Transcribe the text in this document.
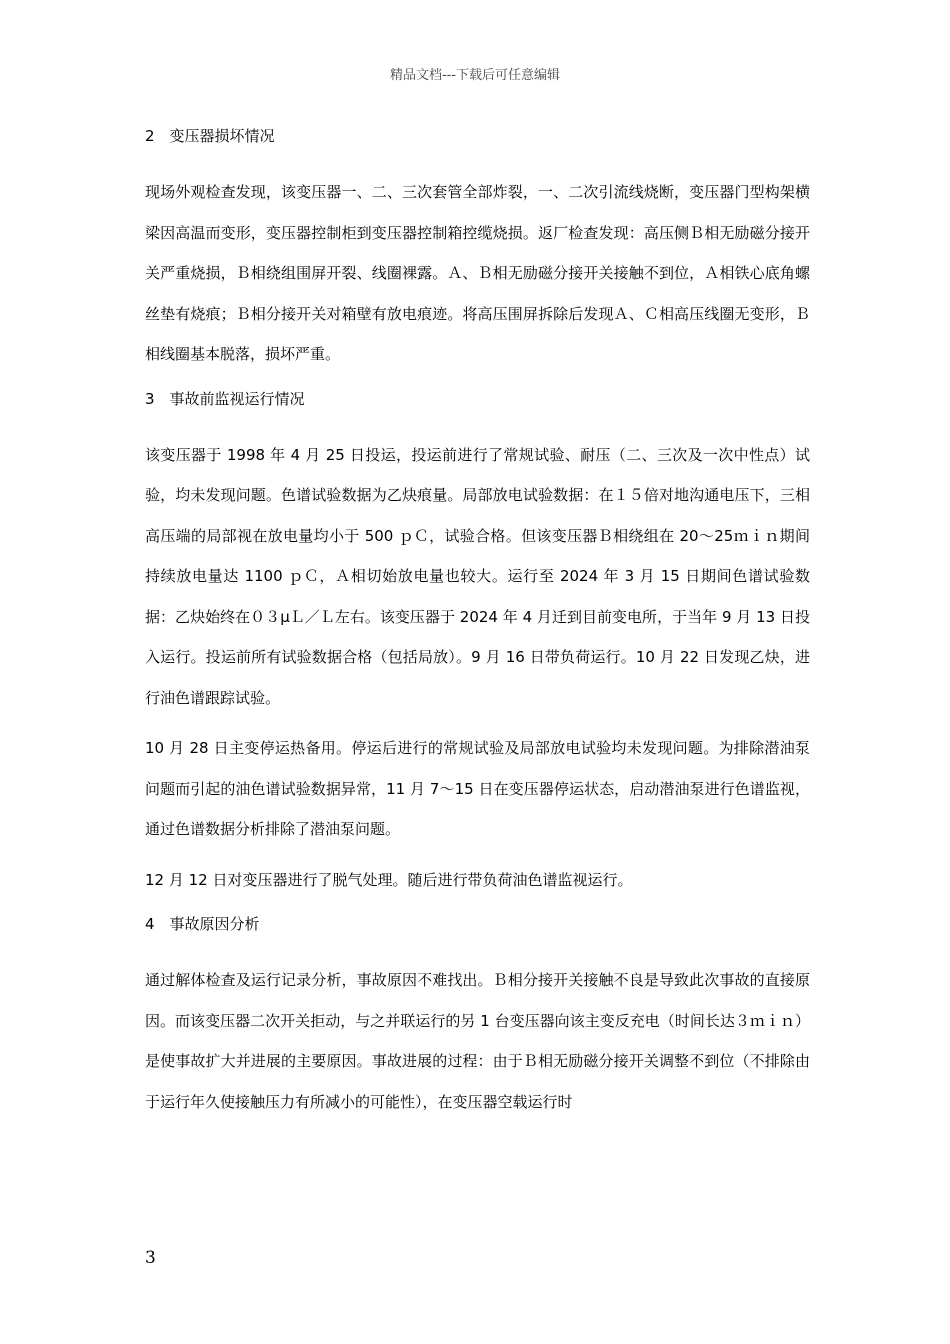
精品文档---下载后可任意编辑
2　变压器损坏情况

现场外观检查发现，该变压器一、二、三次套管全部炸裂，一、二次引流线烧断，变压器门型构架横梁因高温而变形，变压器控制柜到变压器控制箱控缆烧损。返厂检查发现：高压侧Ｂ相无励磁分接开关严重烧损，Ｂ相绕组围屏开裂、线圈裸露。Ａ、Ｂ相无励磁分接开关接触不到位，Ａ相铁心底角螺丝垫有烧痕；Ｂ相分接开关对箱壁有放电痕迹。将高压围屏拆除后发现Ａ、Ｃ相高压线圈无变形，Ｂ相线圈基本脱落，损坏严重。

3　事故前监视运行情况

该变压器于 1998 年 4 月 25 日投运，投运前进行了常规试验、耐压（二、三次及一次中性点）试验，均未发现问题。色谱试验数据为乙炔痕量。局部放电试验数据：在１５倍对地沟通电压下，三相高压端的局部视在放电量均小于 500 ｐＣ，试验合格。但该变压器Ｂ相绕组在 20～25ｍｉｎ期间持续放电量达 1100 ｐＣ，Ａ相切始放电量也较大。运行至 2024 年 3 月 15 日期间色谱试验数据：乙炔始终在０３μＬ／Ｌ左右。该变压器于 2024 年 4 月迁到目前变电所，于当年 9 月 13 日投入运行。投运前所有试验数据合格（包括局放）。9 月 16 日带负荷运行。10 月 22 日发现乙炔，进行油色谱跟踪试验。

10 月 28 日主变停运热备用。停运后进行的常规试验及局部放电试验均未发现问题。为排除潜油泵问题而引起的油色谱试验数据异常，11 月 7～15 日在变压器停运状态，启动潜油泵进行色谱监视，通过色谱数据分析排除了潜油泵问题。

12 月 12 日对变压器进行了脱气处理。随后进行带负荷油色谱监视运行。

4　事故原因分析

通过解体检查及运行记录分析，事故原因不难找出。Ｂ相分接开关接触不良是导致此次事故的直接原因。而该变压器二次开关拒动，与之并联运行的另 1 台变压器向该主变反充电（时间长达３ｍｉｎ）是使事故扩大并进展的主要原因。事故进展的过程：由于Ｂ相无励磁分接开关调整不到位（不排除由于运行年久使接触压力有所减小的可能性），在变压器空载运行时

3
